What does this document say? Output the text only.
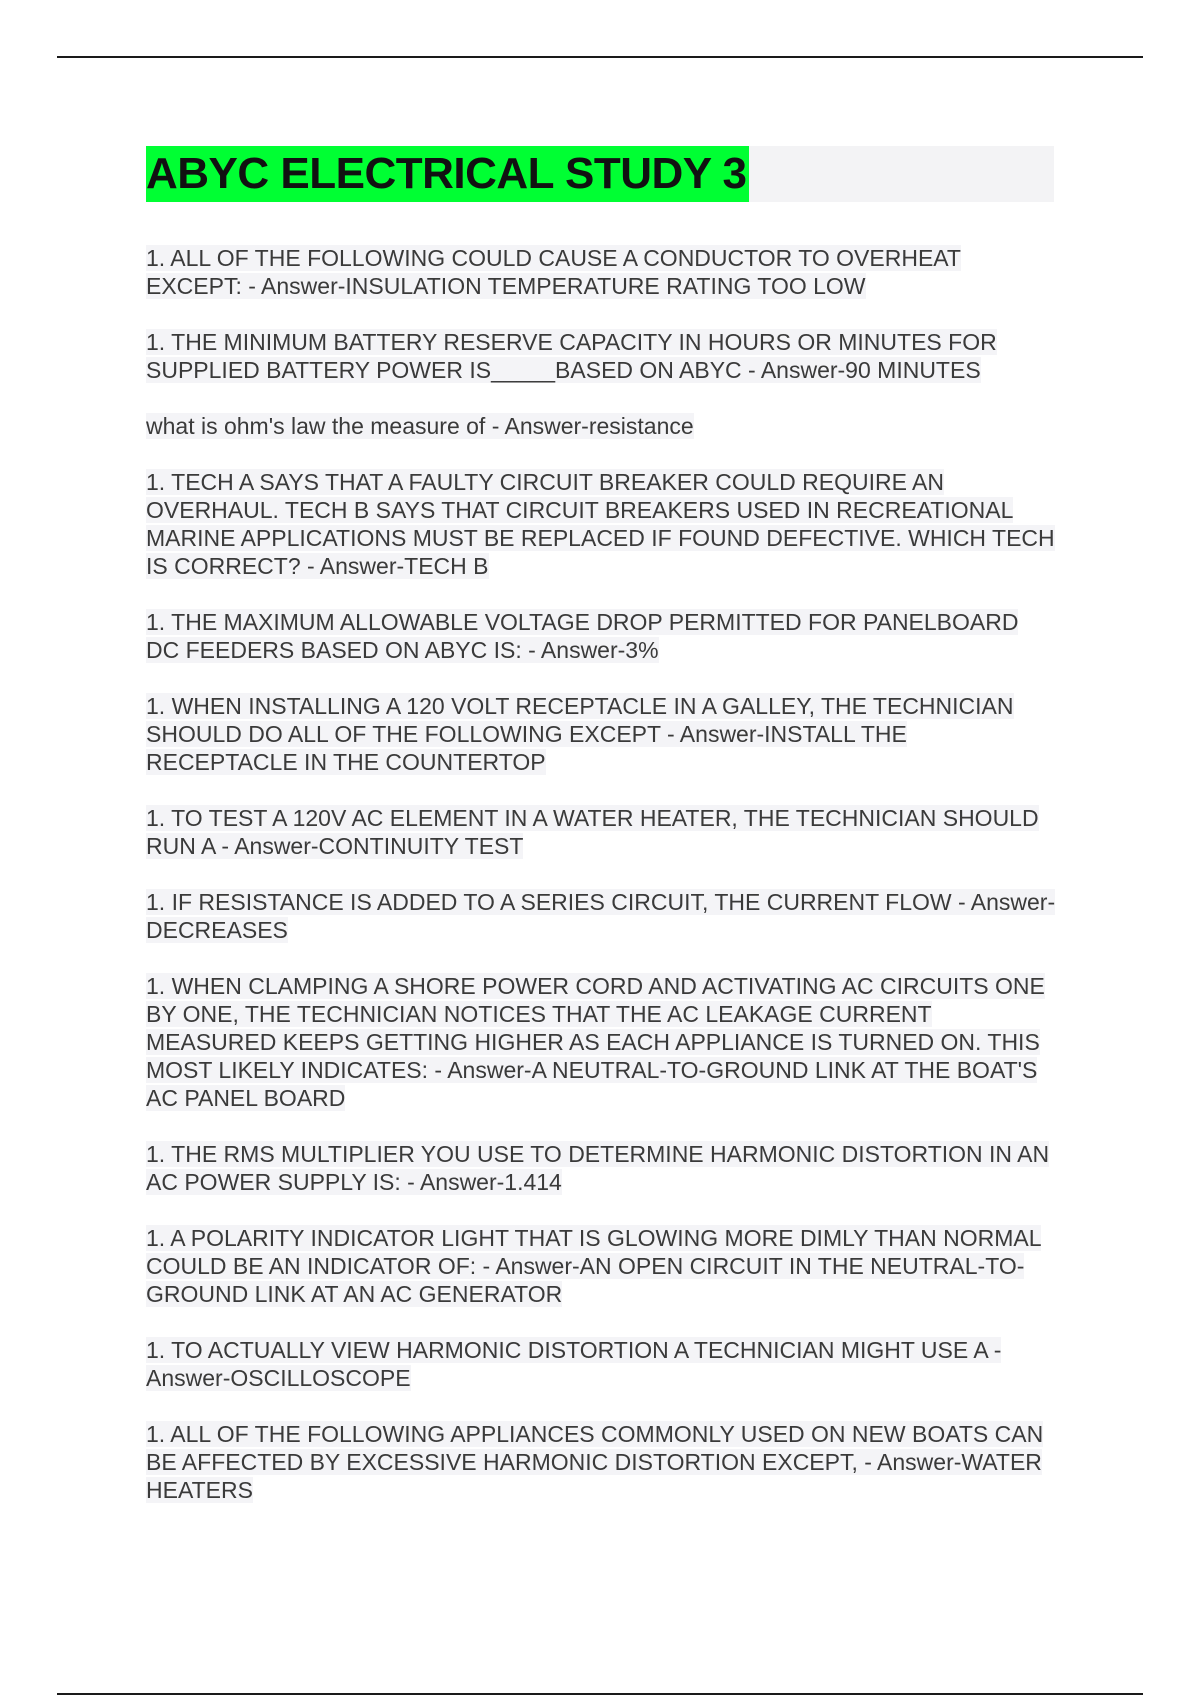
ABYC ELECTRICAL STUDY 3

1. ALL OF THE FOLLOWING COULD CAUSE A CONDUCTOR TO OVERHEAT EXCEPT: - Answer-INSULATION TEMPERATURE RATING TOO LOW

1. THE MINIMUM BATTERY RESERVE CAPACITY IN HOURS OR MINUTES FOR SUPPLIED BATTERY POWER IS_____BASED ON ABYC - Answer-90 MINUTES

what is ohm's law the measure of - Answer-resistance

1. TECH A SAYS THAT A FAULTY CIRCUIT BREAKER COULD REQUIRE AN OVERHAUL. TECH B SAYS THAT CIRCUIT BREAKERS USED IN RECREATIONAL MARINE APPLICATIONS MUST BE REPLACED IF FOUND DEFECTIVE. WHICH TECH IS CORRECT? - Answer-TECH B

1. THE MAXIMUM ALLOWABLE VOLTAGE DROP PERMITTED FOR PANELBOARD DC FEEDERS BASED ON ABYC IS: - Answer-3%

1. WHEN INSTALLING A 120 VOLT RECEPTACLE IN A GALLEY, THE TECHNICIAN SHOULD DO ALL OF THE FOLLOWING EXCEPT - Answer-INSTALL THE RECEPTACLE IN THE COUNTERTOP

1. TO TEST A 120V AC ELEMENT IN A WATER HEATER, THE TECHNICIAN SHOULD RUN A - Answer-CONTINUITY TEST

1. IF RESISTANCE IS ADDED TO A SERIES CIRCUIT, THE CURRENT FLOW - Answer-DECREASES

1. WHEN CLAMPING A SHORE POWER CORD AND ACTIVATING AC CIRCUITS ONE BY ONE, THE TECHNICIAN NOTICES THAT THE AC LEAKAGE CURRENT MEASURED KEEPS GETTING HIGHER AS EACH APPLIANCE IS TURNED ON. THIS MOST LIKELY INDICATES: - Answer-A NEUTRAL-TO-GROUND LINK AT THE BOAT'S AC PANEL BOARD

1. THE RMS MULTIPLIER YOU USE TO DETERMINE HARMONIC DISTORTION IN AN AC POWER SUPPLY IS: - Answer-1.414

1. A POLARITY INDICATOR LIGHT THAT IS GLOWING MORE DIMLY THAN NORMAL COULD BE AN INDICATOR OF: - Answer-AN OPEN CIRCUIT IN THE NEUTRAL-TO-GROUND LINK AT AN AC GENERATOR

1. TO ACTUALLY VIEW HARMONIC DISTORTION A TECHNICIAN MIGHT USE A - Answer-OSCILLOSCOPE

1. ALL OF THE FOLLOWING APPLIANCES COMMONLY USED ON NEW BOATS CAN BE AFFECTED BY EXCESSIVE HARMONIC DISTORTION EXCEPT, - Answer-WATER HEATERS
